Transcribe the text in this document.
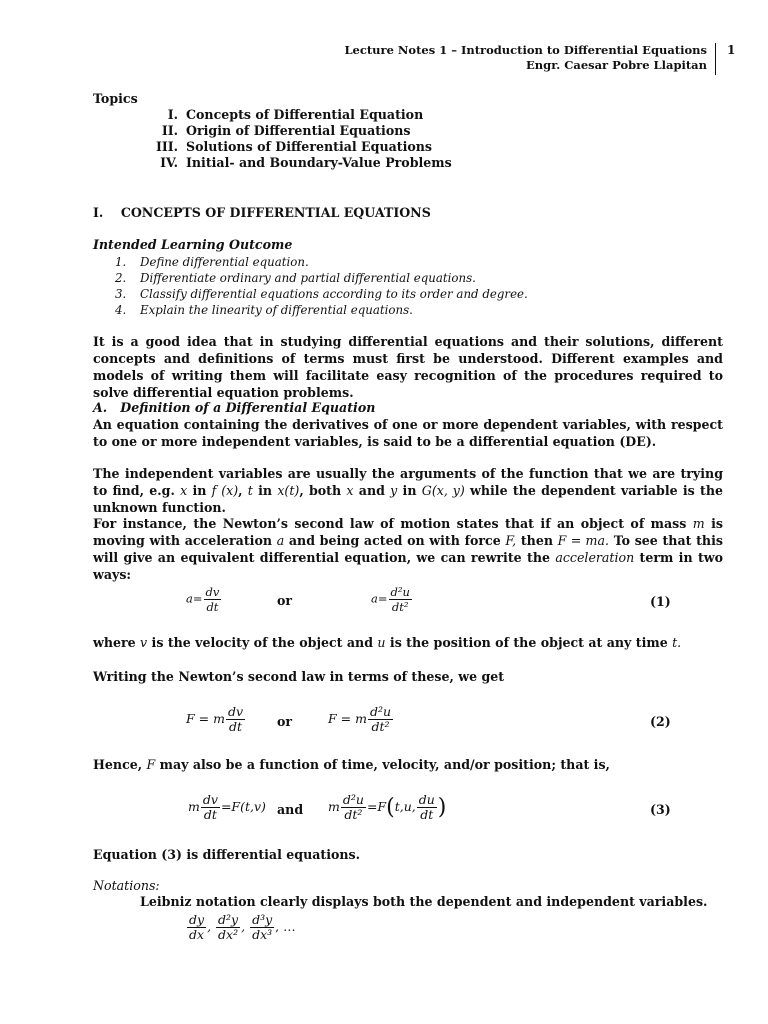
Lecture Notes 1 – Introduction to Differential Equations
Engr. Caesar Pobre Llapitan
1
Topics
I. Concepts of Differential Equation
II. Origin of Differential Equations
III. Solutions of Differential Equations
IV. Initial- and Boundary-Value Problems
I.    CONCEPTS OF DIFFERENTIAL EQUATIONS
Intended Learning Outcome
1. Define differential equation.
2. Differentiate ordinary and partial differential equations.
3. Classify differential equations according to its order and degree.
4. Explain the linearity of differential equations.
It is a good idea that in studying differential equations and their solutions, different concepts and definitions of terms must first be understood. Different examples and models of writing them will facilitate easy recognition of the procedures required to solve differential equation problems.
A.   Definition of a Differential Equation
An equation containing the derivatives of one or more dependent variables, with respect to one or more independent variables, is said to be a differential equation (DE).
The independent variables are usually the arguments of the function that we are trying to find, e.g. x in f (x), t in x(t), both x and y in G(x, y) while the dependent variable is the unknown function.
For instance, the Newton’s second law of motion states that if an object of mass m is moving with acceleration a and being acted on with force F, then F = ma. To see that this will give an equivalent differential equation, we can rewrite the acceleration term in two ways:
$a= \frac{dv}{dt}$	or	$a= \frac{\text{d²u}}{\text{dt²}}$	(1)
where v is the velocity of the object and u is the position of the object at any time t.
Writing the Newton’s second law in terms of these, we get
F = m $\frac{dv}{dt}$	or	F = m $\frac{\text{d²u}}{\text{dt²}}$	(2)
Hence, F may also be a function of time, velocity, and/or position; that is,
m $\frac{dv}{dt} =F(t,v)$ and m $\frac{\text{d²u}}{\text{dt²}} =F(t,u$, $\frac{du}{dt}$ )	(3)
Equation (3) is differential equations.
Notations:
Leibniz notation clearly displays both the dependent and independent variables.
$\frac{dy}{dx}$ , $\frac{\text{d²y}}{\text{dx²}}$ , $\frac{\text{d³y}}{\text{dx³}}$ , …
